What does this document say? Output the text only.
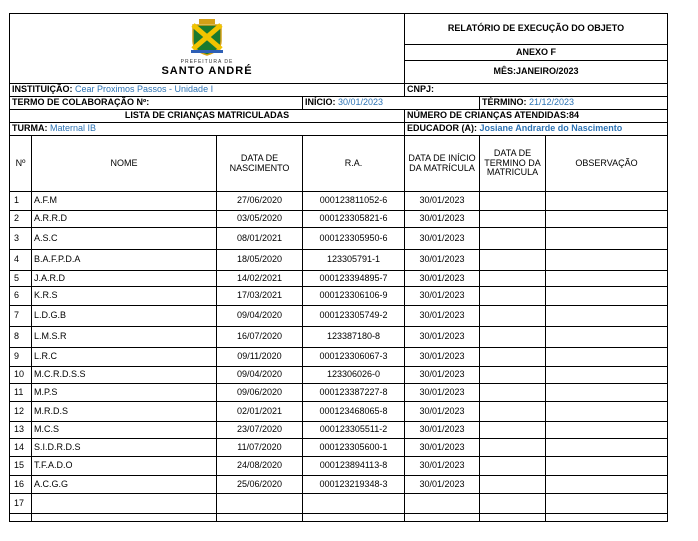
PREFEITURA DE
SANTO ANDRÉ				RELATÓRIO DE EXECUÇÃO DO OBJETO		
				ANEXO F		
				MÊS:JANEIRO/2023		
INSTITUIÇÃO: Cear Proximos Passos - Unidade I				CNPJ:		
TERMO DE COLABORAÇÃO Nº:			INÍCIO: 30/01/2023		TÉRMINO: 21/12/2023	
LISTA DE CRIANÇAS MATRICULADAS				NÚMERO DE CRIANÇAS ATENDIDAS:84		
TURMA: Maternal IB				EDUCADOR (A): Josiane Andrarde do Nascimento		
Nº	NOME	DATA DE NASCIMENTO	R.A.	DATA DE INÍCIO DA MATRÍCULA	DATA DE TERMINO DA MATRICULA	OBSERVAÇÃO
1	A.F.M	27/06/2020	000123811052-6	30/01/2023		
2	A.R.R.D	03/05/2020	000123305821-6	30/01/2023		
3	A.S.C	08/01/2021	000123305950-6	30/01/2023		
4	B.A.F.P.D.A	18/05/2020	123305791-1	30/01/2023		
5	J.A.R.D	14/02/2021	000123394895-7	30/01/2023		
6	K.R.S	17/03/2021	000123306106-9	30/01/2023		
7	L.D.G.B	09/04/2020	000123305749-2	30/01/2023		
8	L.M.S.R	16/07/2020	123387180-8	30/01/2023		
9	L.R.C	09/11/2020	000123306067-3	30/01/2023		
10	M.C.R.D.S.S	09/04/2020	123306026-0	30/01/2023		
11	M.P.S	09/06/2020	000123387227-8	30/01/2023		
12	M.R.D.S	02/01/2021	000123468065-8	30/01/2023		
13	M.C.S	23/07/2020	000123305511-2	30/01/2023		
14	S.I.D.R.D.S	11/07/2020	000123305600-1	30/01/2023		
15	T.F.A.D.O	24/08/2020	000123894113-8	30/01/2023		
16	A.C.G.G	25/06/2020	000123219348-3	30/01/2023		
17						
